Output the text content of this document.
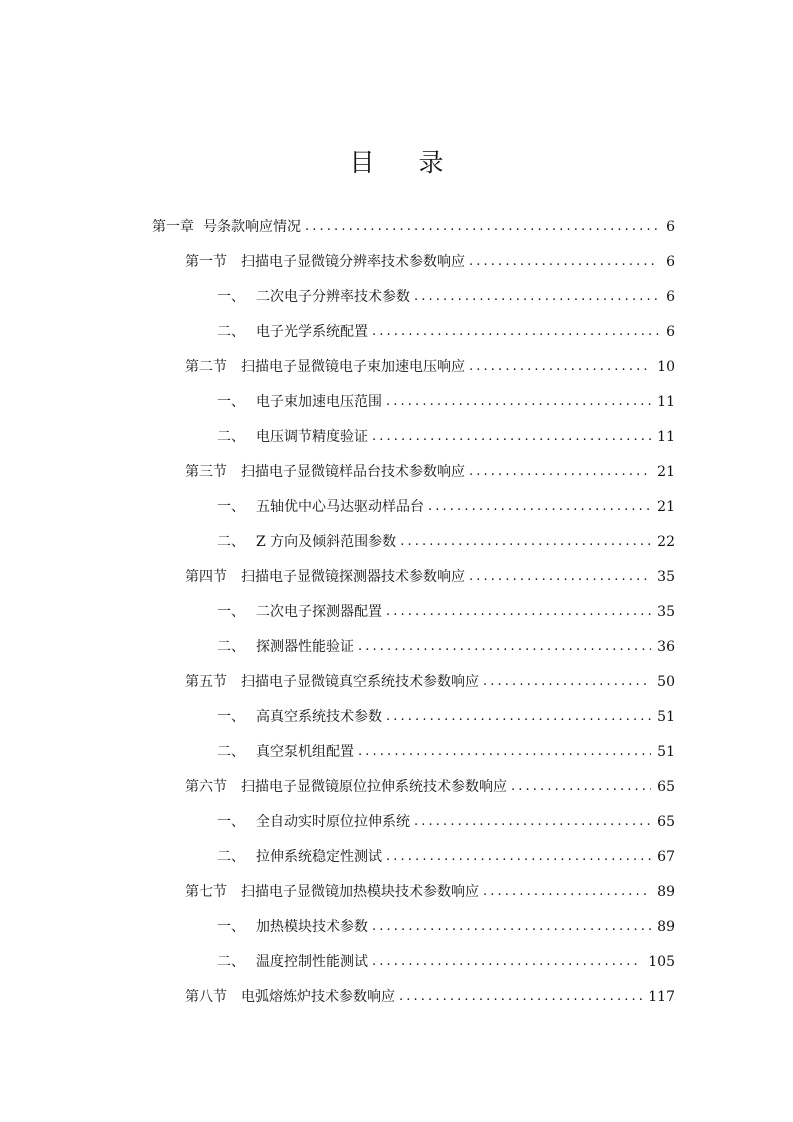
目 录
第一章 号条款响应情况 . . .	6
第一节	扫描电子显微镜分辨率技术参数响应 . . .	6
一、 二次电子分辨率技术参数 . . .	6
二、 电子光学系统配置 . . .	6
第二节	扫描电子显微镜电子束加速电压响应 . . .	10
一、 电子束加速电压范围 . . .	11
二、 电压调节精度验证 . . .	11
第三节	扫描电子显微镜样品台技术参数响应 . . .	21
一、 五轴优中心马达驱动样品台 . . .	21
二、 Z 方向及倾斜范围参数 . . .	22
第四节	扫描电子显微镜探测器技术参数响应 . . .	35
一、 二次电子探测器配置 . . .	35
二、 探测器性能验证 . . .	36
第五节	扫描电子显微镜真空系统技术参数响应 . . .	50
一、 高真空系统技术参数 . . .	51
二、 真空泵机组配置 . . .	51
第六节	扫描电子显微镜原位拉伸系统技术参数响应 . . .	65
一、 全自动实时原位拉伸系统 . . .	65
二、 拉伸系统稳定性测试 . . .	67
第七节	扫描电子显微镜加热模块技术参数响应 . . .	89
一、 加热模块技术参数 . . .	89
二、 温度控制性能测试 . . .	105
第八节	电弧熔炼炉技术参数响应 . . .	117
